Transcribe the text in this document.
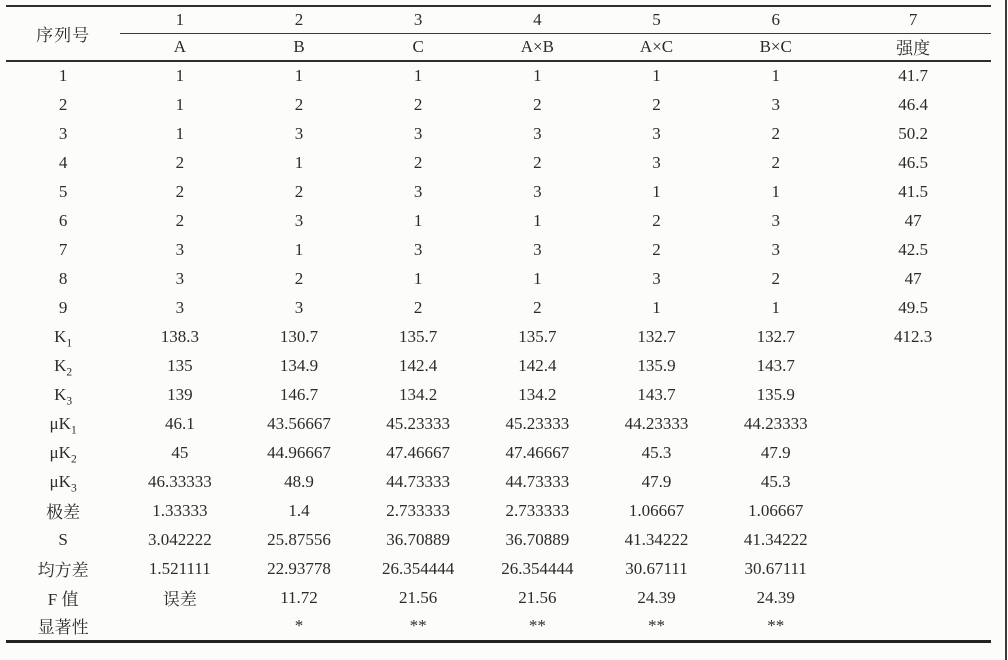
序列号	1	2	3	4	5	6	7
	A	B	C	A×B	A×C	B×C	强度
1	1	1	1	1	1	1	41.7
2	1	2	2	2	2	3	46.4
3	1	3	3	3	3	2	50.2
4	2	1	2	2	3	2	46.5
5	2	2	3	3	1	1	41.5
6	2	3	1	1	2	3	47
7	3	1	3	3	2	3	42.5
8	3	2	1	1	3	2	47
9	3	3	2	2	1	1	49.5
$K_1$	138.3	130.7	135.7	135.7	132.7	132.7	412.3
$K_2$	135	134.9	142.4	142.4	135.9	143.7	
$K_3$	139	146.7	134.2	134.2	143.7	135.9	
$\mu K_1$	46.1	43.56667	45.23333	45.23333	44.23333	44.23333	
$\mu K_2$	45	44.96667	47.46667	47.46667	45.3	47.9	
$\mu K_3$	46.33333	48.9	44.73333	44.73333	47.9	45.3	
极差	1.33333	1.4	2.733333	2.733333	1.06667	1.06667	
S	3.042222	25.87556	36.70889	36.70889	41.34222	41.34222	
均方差	1.521111	22.93778	26.354444	26.354444	30.67111	30.67111	
F 值	误差	11.72	21.56	21.56	24.39	24.39	
显著性		*	**	**	**	**	
